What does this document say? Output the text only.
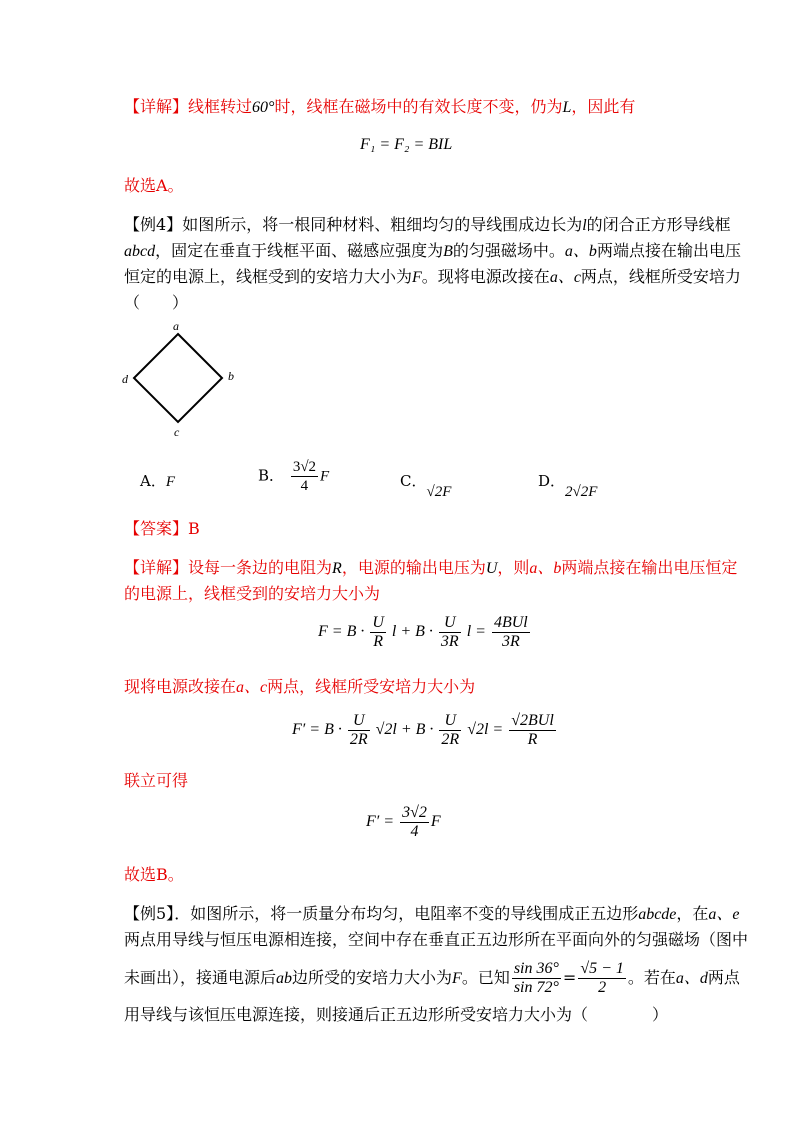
【详解】线框转过60°时，线框在磁场中的有效长度不变，仍为L，因此有
F₁ = F₂ = BIL
故选A。
【例4】如图所示，将一根同种材料、粗细均匀的导线围成边长为l的闭合正方形导线框
abcd，固定在垂直于线框平面、磁感应强度为B的匀强磁场中。a、b两端点接在输出电压
恒定的电源上，线框受到的安培力大小为F。现将电源改接在a、c两点，线框所受安培力
（　　）
a
b
c
d
A．F	B． $\frac{3√2}{4}$ F	C．√2F
D．2√2F
【答案】B
【详解】设每一条边的电阻为R，电源的输出电压为U，则a、b两端点接在输出电压恒定
的电源上，线框受到的安培力大小为
$F = B \cdot \frac{U}{R}$ $l + B \cdot \frac{U}{3R}$ $l = \frac{\text{4BUl}}{3R}$
现将电源改接在a、c两点，线框所受安培力大小为
$F' = B \cdot \frac{U}{2R} √2l + B \cdot \frac{U}{2R} √2l = \frac{\text{√2BUl}}{R}$
联立可得
$F' = \frac{3√2}{4}$ F
故选B。
【例5】．如图所示，将一质量分布均匀，电阻率不变的导线围成正五边形abcde，在a、e
两点用导线与恒压电源相连接，空间中存在垂直正五边形所在平面向外的匀强磁场（图中
未画出），接通电源后ab边所受的安培力大小为F。已知 $\frac{\sin 36^\circ}{\sin 72^\circ} = \frac{√5 - 1}{2}$ 。若在a、d两点
用导线与该恒压电源连接，则接通后正五边形所受安培力大小为（　　　　）
